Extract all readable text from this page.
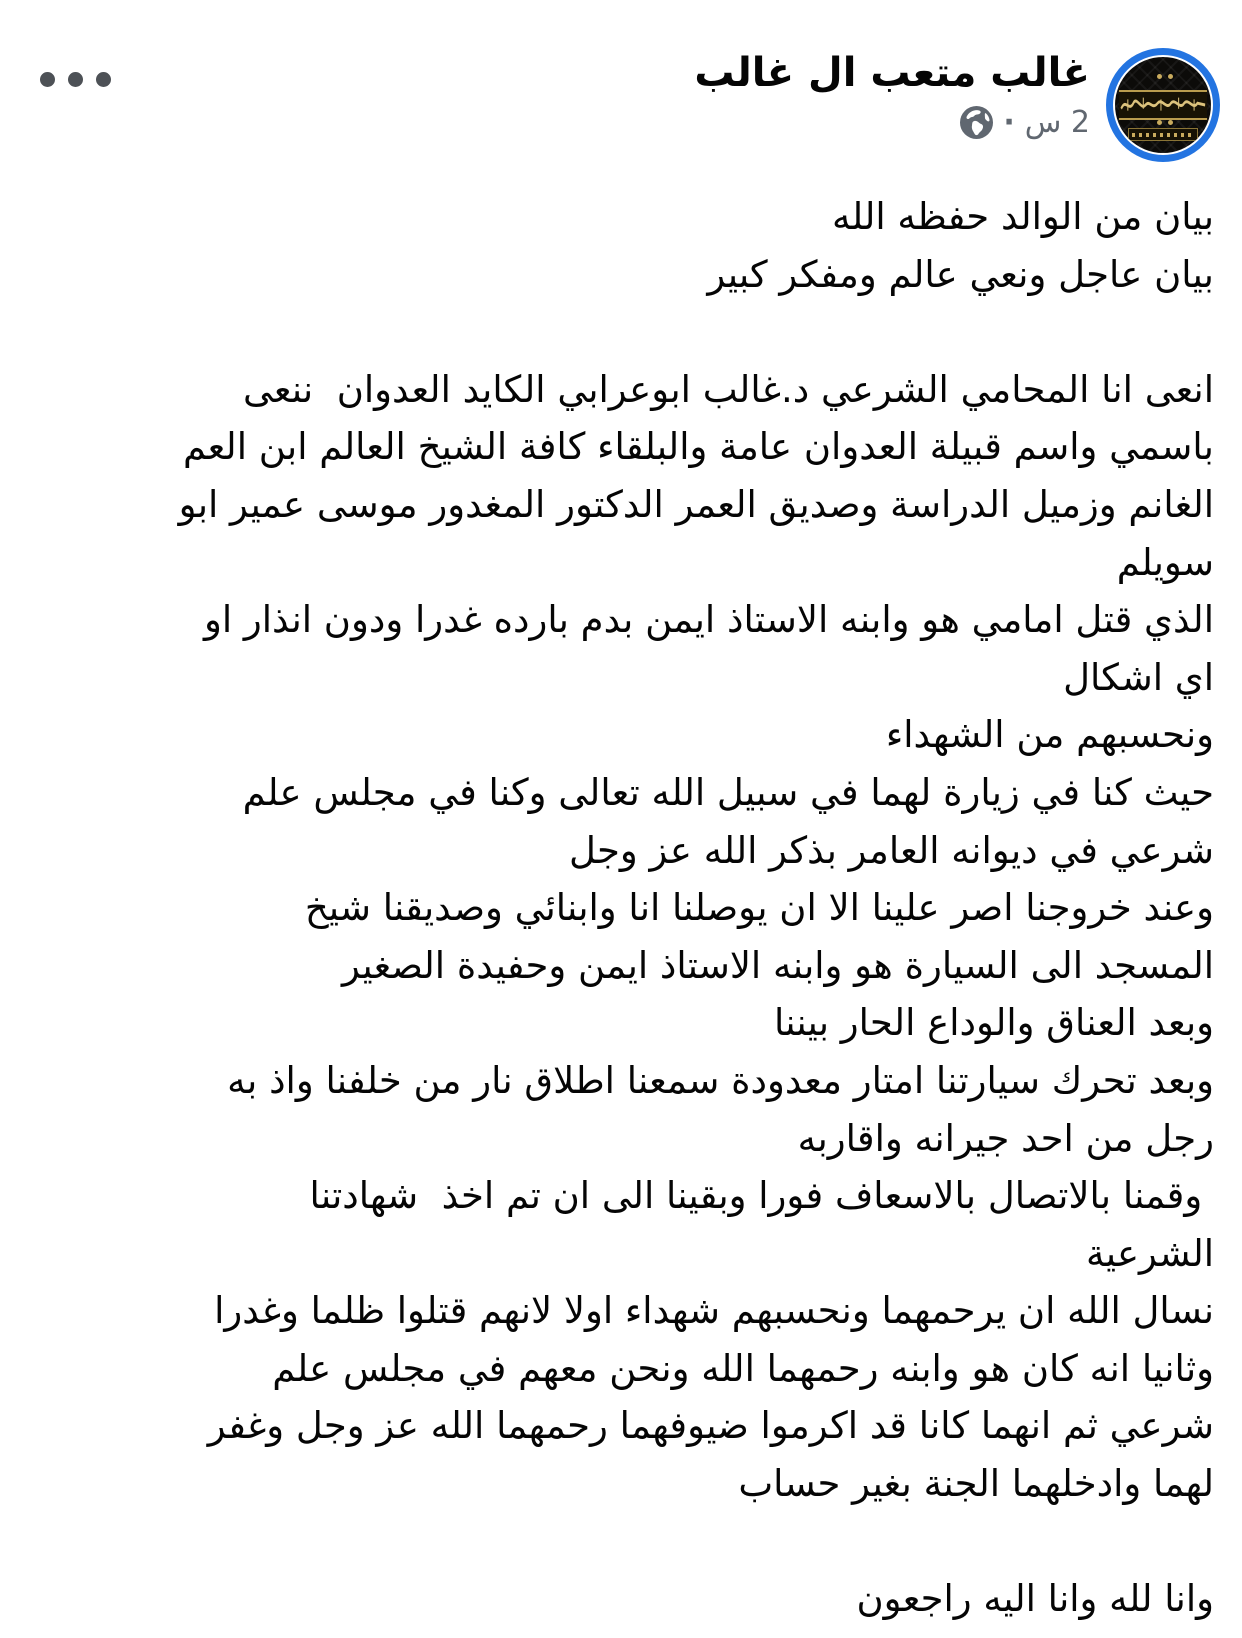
غالب متعب ال غالب
2 س
·
بيان من الوالد حفظه الله
بيان عاجل ونعي عالم ومفكر كبير
انعى انا المحامي الشرعي د.غالب ابوعرابي الكايد العدوان  ننعى
باسمي واسم قبيلة العدوان عامة والبلقاء كافة الشيخ العالم ابن العم
الغانم وزميل الدراسة وصديق العمر الدكتور المغدور موسى عمير ابو
سويلم
الذي قتل امامي هو وابنه الاستاذ ايمن بدم بارده غدرا ودون انذار او
اي اشكال
ونحسبهم من الشهداء
حيث كنا في زيارة لهما في سبيل الله تعالى وكنا في مجلس علم
شرعي في ديوانه العامر بذكر الله عز وجل
وعند خروجنا اصر علينا الا ان يوصلنا انا وابنائي وصديقنا شيخ
المسجد الى السيارة هو وابنه الاستاذ ايمن وحفيدة الصغير
وبعد العناق والوداع الحار بيننا
وبعد تحرك سيارتنا امتار معدودة سمعنا اطلاق نار من خلفنا واذ به
رجل من احد جيرانه واقاربه
وقمنا بالاتصال بالاسعاف فورا وبقينا الى ان تم اخذ  شهادتنا
الشرعية
نسال الله ان يرحمهما ونحسبهم شهداء اولا لانهم قتلوا ظلما وغدرا
وثانيا انه كان هو وابنه رحمهما الله ونحن معهم في مجلس علم
شرعي ثم انهما كانا قد اكرموا ضيوفهما رحمهما الله عز وجل وغفر
لهما وادخلهما الجنة بغير حساب
وانا لله وانا اليه راجعون
